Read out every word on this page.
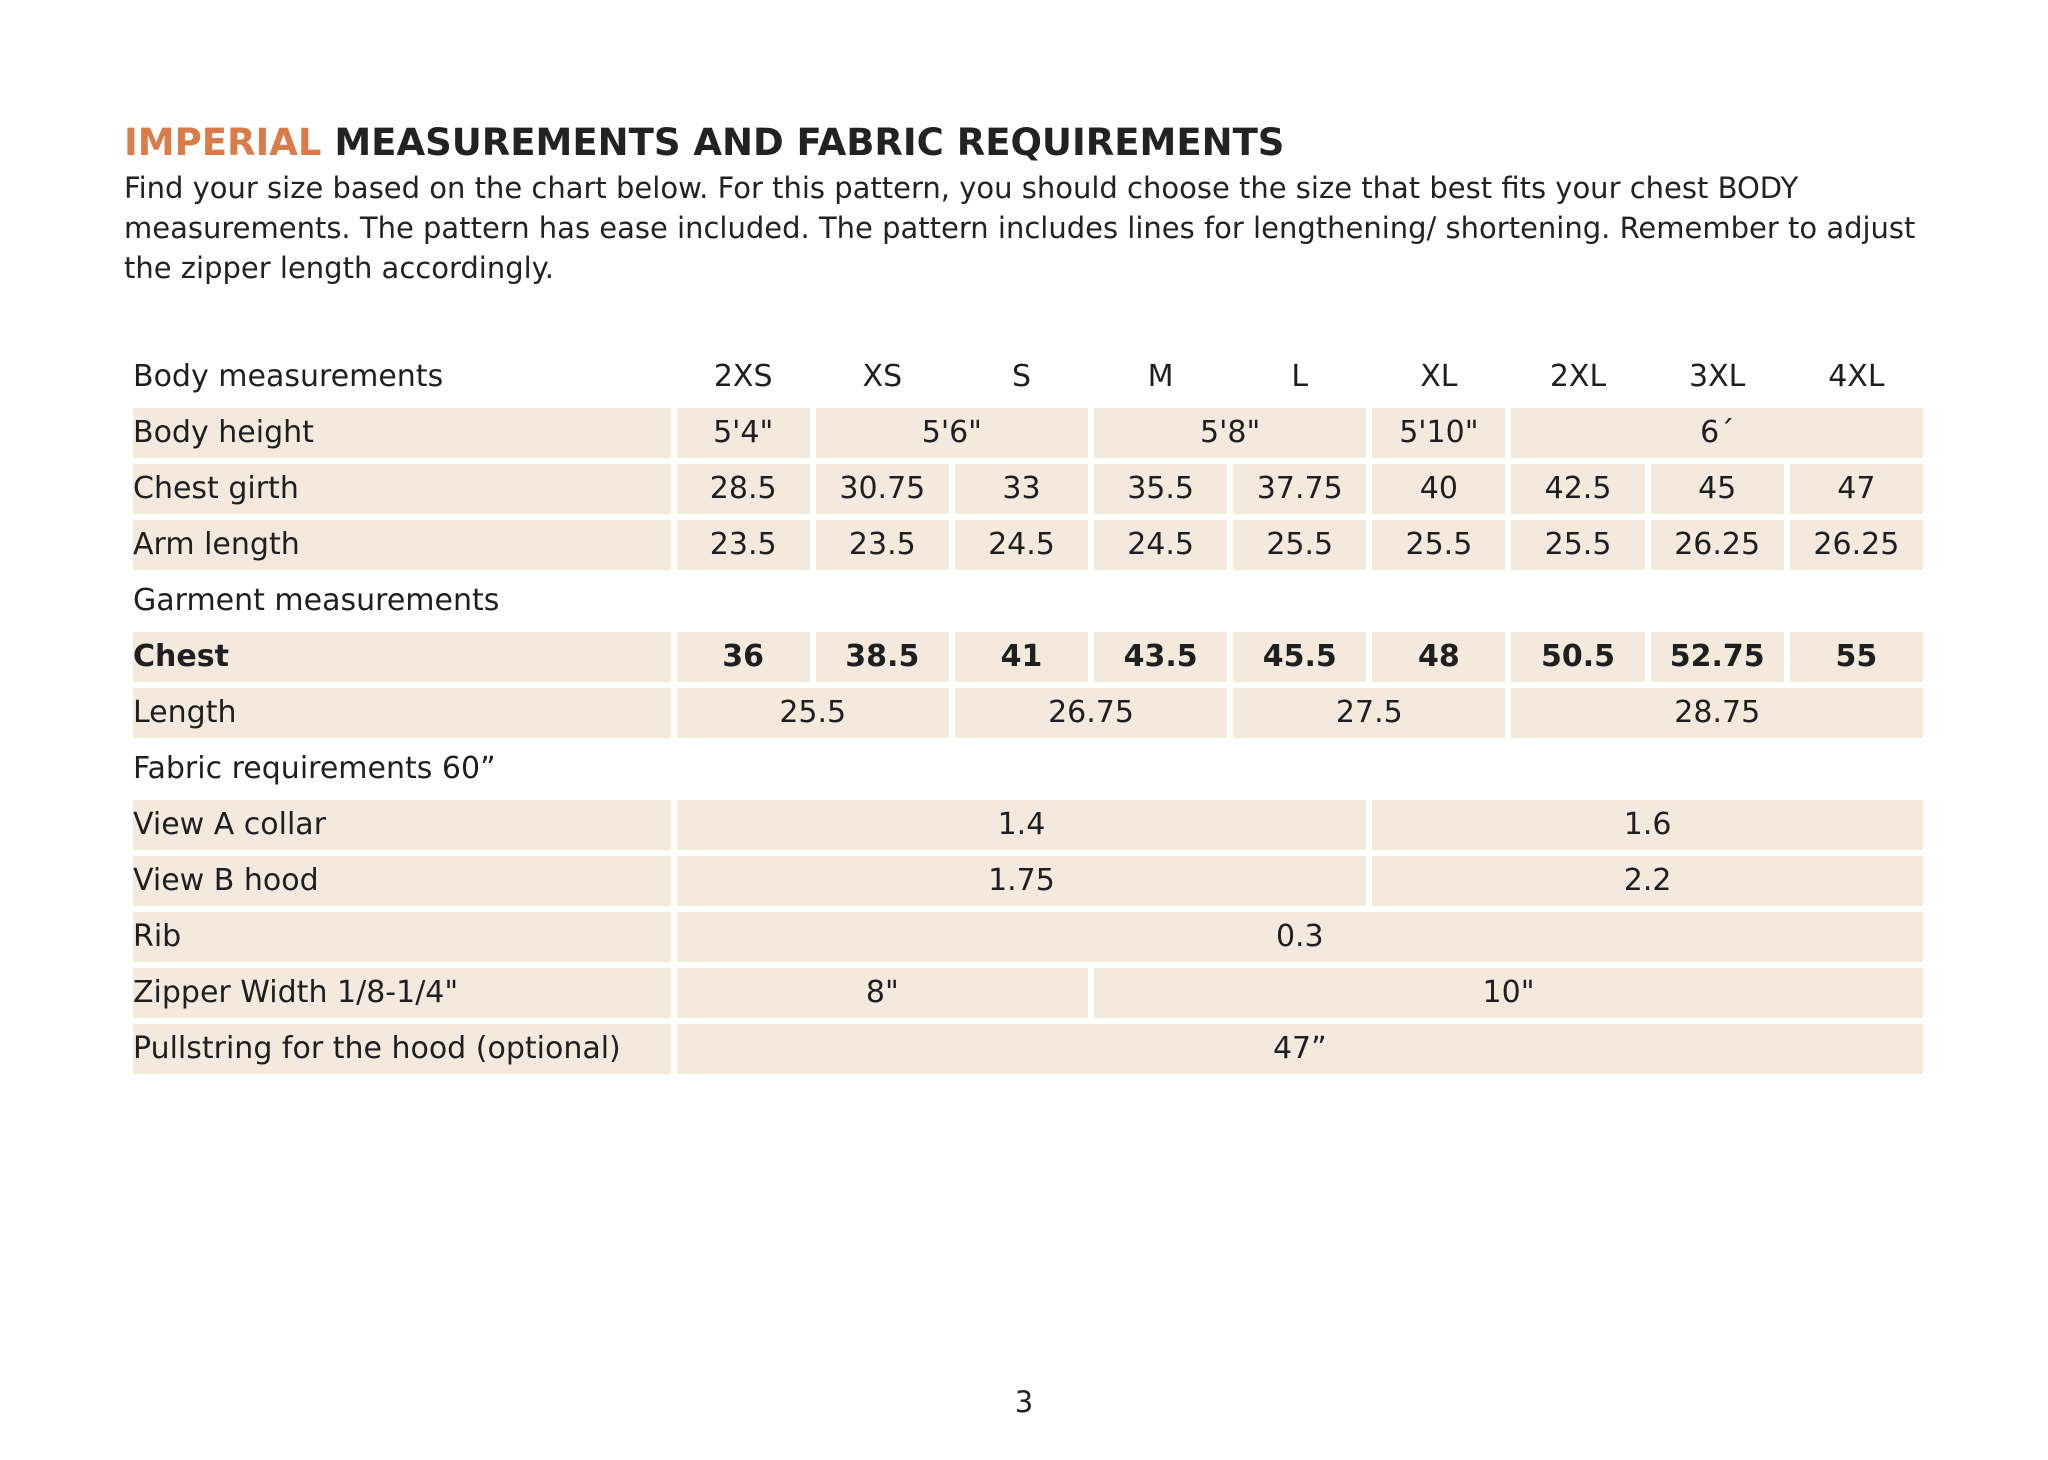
IMPERIAL MEASUREMENTS AND FABRIC REQUIREMENTS

Find your size based on the chart below. For this pattern, you should choose the size that best fits your chest BODY measurements. The pattern has ease included. The pattern includes lines for lengthening/ shortening. Remember to adjust the zipper length accordingly.

Body measurements	2XS	XS	S	M	L	XL	2XL	3XL	4XL
Body height	5'4"	5'6"		5'8"		5'10"	6´		
Chest girth	28.5	30.75	33	35.5	37.75	40	42.5	45	47
Arm length	23.5	23.5	24.5	24.5	25.5	25.5	25.5	26.25	26.25
Garment measurements									
Chest	36	38.5	41	43.5	45.5	48	50.5	52.75	55
Length	25.5		26.75		27.5		28.75		
Fabric requirements 60”									
View A collar	1.4					1.6			
View B hood	1.75					2.2			
Rib	0.3								
Zipper Width 1/8-1/4"	8"			10"					
Pullstring for the hood (optional)	47”								
3
